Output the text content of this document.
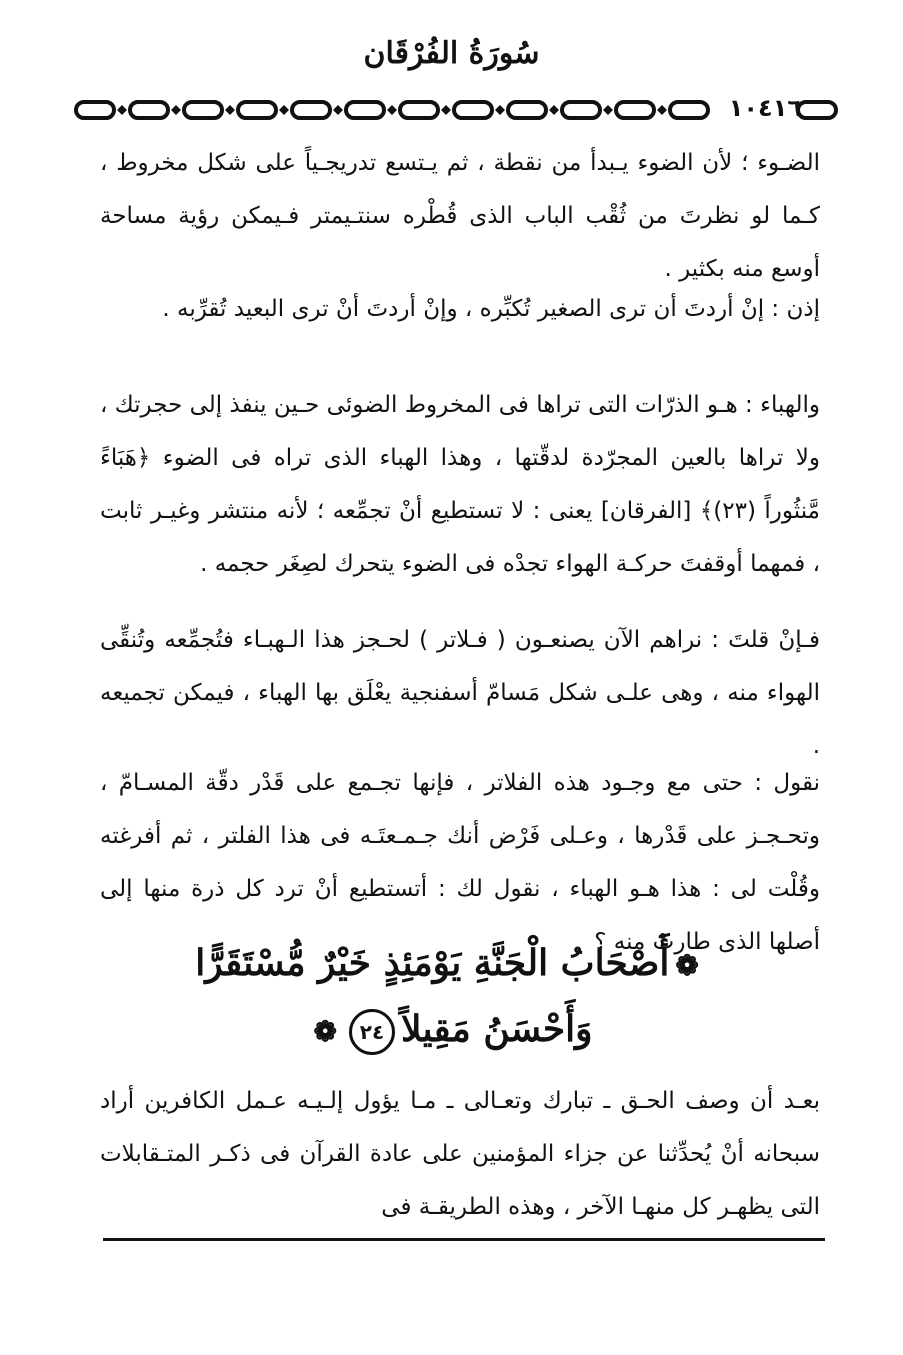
سُورَةُ الفُرْقَان
١٠٤١٦
الضـوء ؛ لأن الضوء يـبدأ من نقطة ، ثم يـتسع تدريجـياً على شكل مخروط ، كـما لو نظرتَ من ثُقْب الباب الذى قُطْره سنتـيمتر فـيمكن رؤية مساحة أوسع منه بكثير .
إذن : إنْ أردتَ أن ترى الصغير تُكبِّره ، وإنْ أردتَ أنْ ترى البعيد تُقرِّبه .
والهباء : هـو الذرّات التى تراها فى المخروط الضوئى حـين ينفذ إلى حجرتك ، ولا تراها بالعين المجرّدة لدقّتها ، وهذا الهباء الذى تراه فى الضوء ﴿هَبَاءً مَّنثُوراً (٢٣)﴾ [الفرقان] يعنى : لا تستطيع أنْ تجمِّعه ؛ لأنه منتشر وغيـر ثابت ، فمهما أوقفتَ حركـة الهواء تجدْه فى الضوء يتحرك لصِغَر حجمه .
فـإنْ قلتَ : نراهم الآن يصنعـون ( فـلاتر ) لحـجز هذا الـهبـاء فتُجمِّعه وتُنقِّى الهواء منه ، وهى علـى شكل مَسامّ أسفنجية يعْلَق بها الهباء ، فيمكن تجميعه .
نقول : حتى مع وجـود هذه الفلاتر ، فإنها تجـمع على قَدْر دقّة المسـامّ ، وتحـجـز على قَدْرها ، وعـلى فَرْض أنك جـمـعتَـه فى هذا الفلتر ، ثم أفرغته وقُلْت لى : هذا هـو الهباء ، نقول لك : أتستطيع أنْ ترد كل ذرة منها إلى أصلها الذى طارتْ منه ؟
❁أَصْحَابُ الْجَنَّةِ يَوْمَئِذٍ خَيْرٌ مُّسْتَقَرًّا
وَأَحْسَنُ مَقِيلاً٢٤❁
بعـد أن وصف الحـق ـ تبارك وتعـالى ـ مـا يؤول إلـيـه عـمل الكافرين أراد سبحانه أنْ يُحدِّثنا عن جزاء المؤمنين على عادة القرآن فى ذكـر المتـقابلات التى يظهـر كل منهـا الآخر ، وهذه الطريقـة فى
